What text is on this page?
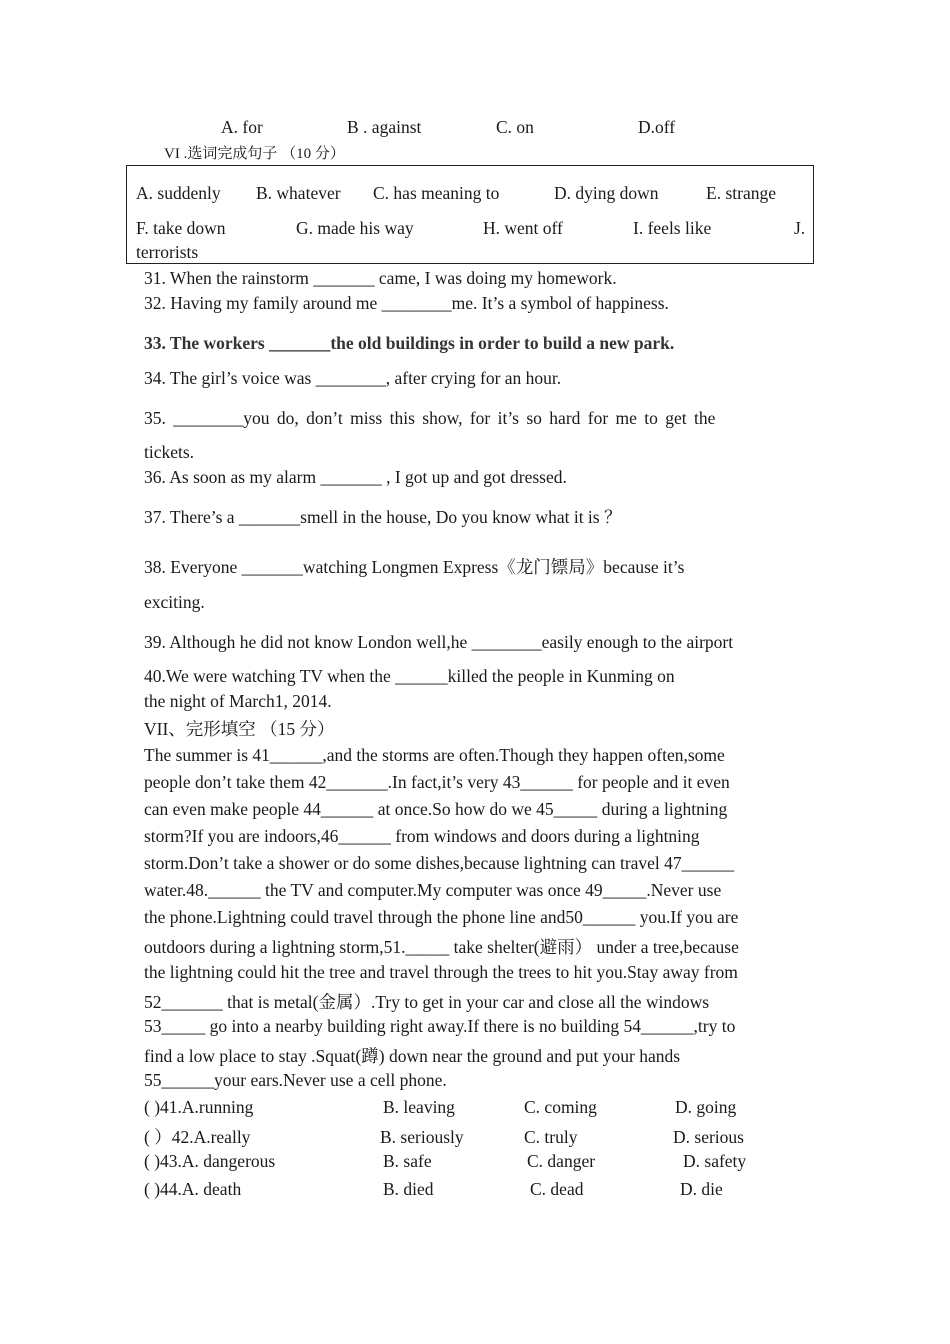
A. for	B . against	C. on	D.off
VI .选词完成句子 （10 分）
A. suddenly B. whatever C. has meaning to	D. dying down	E. strange
F. take down	G. made his way	H. went off	I. feels like	J.
terrorists
31. When the rainstorm _______ came, I was doing my homework.
32. Having my family around me ________me. It’s a symbol of happiness.
33. The workers _______the old buildings in order to build a new park.
34. The girl’s voice was ________, after crying for an hour.
35. ________you do, don’t miss this show, for it’s so hard for me to get the
tickets.
36. As soon as my alarm _______ , I got up and got dressed.
37. There’s a _______smell in the house, Do you know what it is ？
38. Everyone _______watching Longmen Express《龙门镖局》because it’s
exciting.
39. Although he did not know London well,he ________easily enough to the airport
40.We were watching TV when the ______killed the people in Kunming on
the night of March1, 2014.
VII、完形填空 （15 分）
The summer is 41______,and the storms are often.Though they happen often,some
people don’t take them 42_______.In fact,it’s very 43______ for people and it even
can even make people 44______ at once.So how do we 45_____ during a lightning
storm?If you are indoors,46______ from windows and doors during a lightning
storm.Don’t take a shower or do some dishes,because lightning can travel 47______
water.48.______ the TV and computer.My computer was once 49_____.Never use
the phone.Lightning could travel through the phone line and50______ you.If you are
outdoors during a lightning storm,51._____ take shelter(避雨） under a tree,because
the lightning could hit the tree and travel through the trees to hit you.Stay away from
52_______ that is metal(金属）.Try to get in your car and close all the windows
53_____ go into a nearby building right away.If there is no building 54______,try to
find a low place to stay .Squat(蹲) down near the ground and put your hands
55______your ears.Never use a cell phone.
( )41.A.running	B. leaving	C. coming	D. going
( ）42.A.really	B. seriously	C. truly	D. serious
( )43.A. dangerous	B. safe	C. danger	D. safety
( )44.A. death	B. died	C. dead	D. die
